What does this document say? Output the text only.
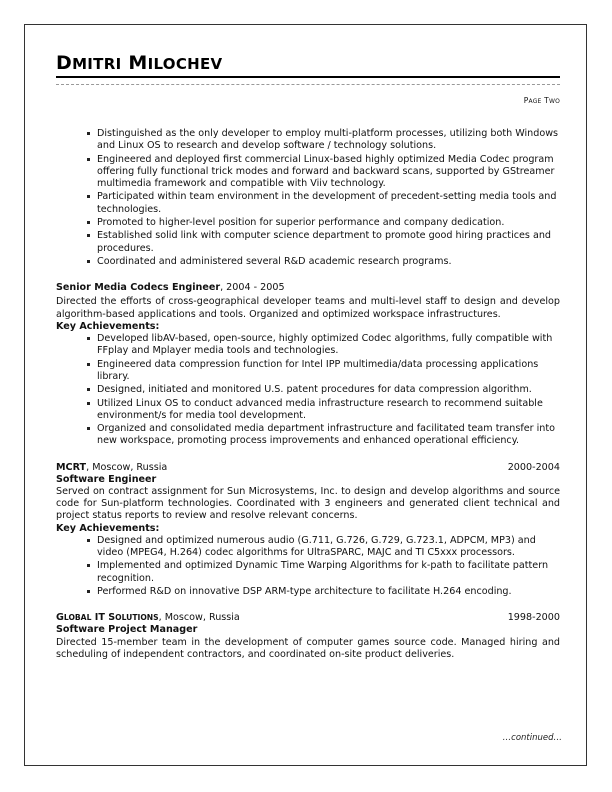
DMITRI MILOCHEV
PAGE TWO
Distinguished as the only developer to employ multi-platform processes, utilizing both Windows and Linux OS to research and develop software / technology solutions.
Engineered and deployed first commercial Linux-based highly optimized Media Codec program offering fully functional trick modes and forward and backward scans, supported by GStreamer multimedia framework and compatible with Viiv technology.
Participated within team environment in the development of precedent-setting media tools and technologies.
Promoted to higher-level position for superior performance and company dedication.
Established solid link with computer science department to promote good hiring practices and procedures.
Coordinated and administered several R&D academic research programs.
Senior Media Codecs Engineer, 2004 - 2005
Directed the efforts of cross-geographical developer teams and multi-level staff to design and develop algorithm-based applications and tools. Organized and optimized workspace infrastructures.
Key Achievements:
Developed libAV-based, open-source, highly optimized Codec algorithms, fully compatible with FFplay and Mplayer media tools and technologies.
Engineered data compression function for Intel IPP multimedia/data processing applications library.
Designed, initiated and monitored U.S. patent procedures for data compression algorithm.
Utilized Linux OS to conduct advanced media infrastructure research to recommend suitable environment/s for media tool development.
Organized and consolidated media department infrastructure and facilitated team transfer into new workspace, promoting process improvements and enhanced operational efficiency.
MCRT, Moscow, Russia	2000-2004
Software Engineer
Served on contract assignment for Sun Microsystems, Inc. to design and develop algorithms and source code for Sun-platform technologies. Coordinated with 3 engineers and generated client technical and project status reports to review and resolve relevant concerns.
Key Achievements:
Designed and optimized numerous audio (G.711, G.726, G.729, G.723.1, ADPCM, MP3) and video (MPEG4, H.264) codec algorithms for UltraSPARC, MAJC and TI C5xxx processors.
Implemented and optimized Dynamic Time Warping Algorithms for k-path to facilitate pattern recognition.
Performed R&D on innovative DSP ARM-type architecture to facilitate H.264 encoding.
GLOBAL IT SOLUTIONS, Moscow, Russia	1998-2000
Software Project Manager
Directed 15-member team in the development of computer games source code. Managed hiring and scheduling of independent contractors, and coordinated on-site product deliveries.
…continued…
